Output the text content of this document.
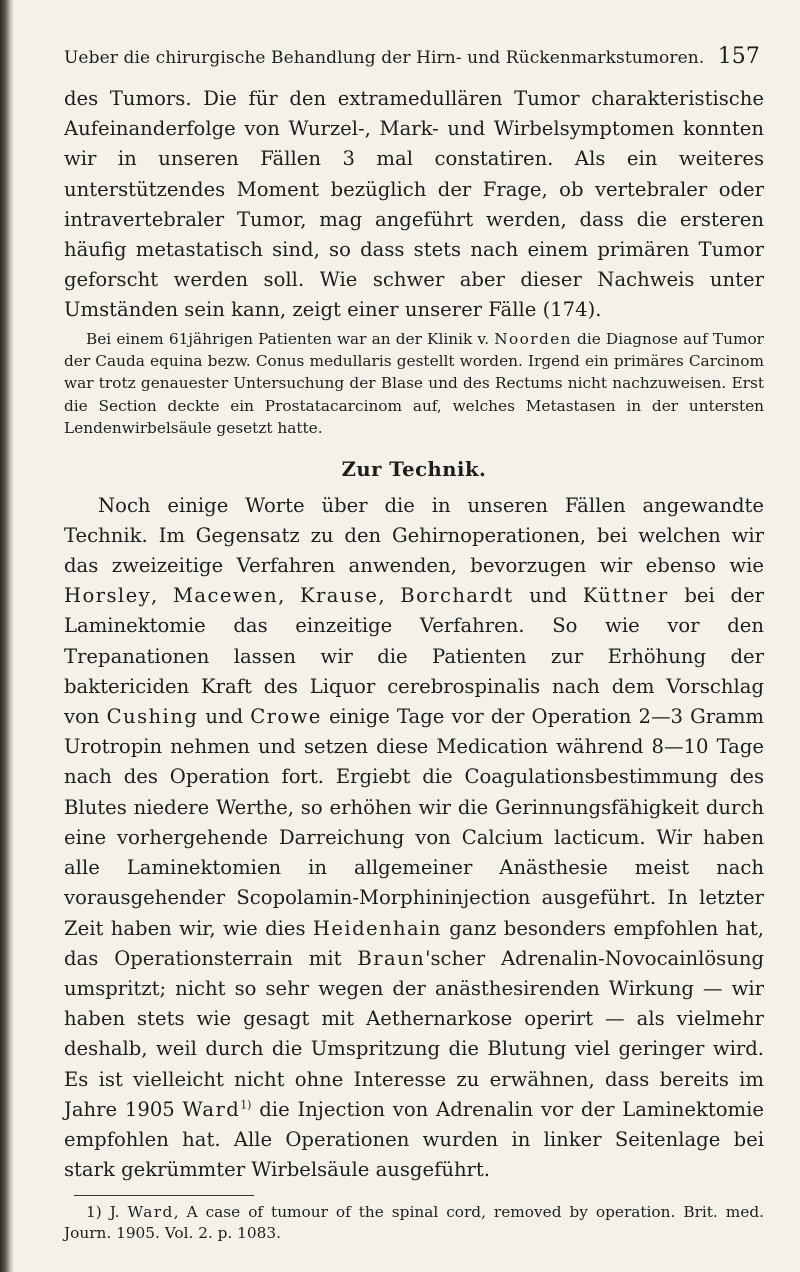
Ueber die chirurgische Behandlung der Hirn- und Rückenmarkstumoren. 157

des Tumors. Die für den extramedullären Tumor charakteristische Aufeinanderfolge von Wurzel-, Mark- und Wirbelsymptomen konnten wir in unseren Fällen 3 mal constatiren. Als ein weiteres unterstützendes Moment bezüglich der Frage, ob vertebraler oder intravertebraler Tumor, mag angeführt werden, dass die ersteren häufig metastatisch sind, so dass stets nach einem primären Tumor geforscht werden soll. Wie schwer aber dieser Nachweis unter Umständen sein kann, zeigt einer unserer Fälle (174).

Bei einem 61jährigen Patienten war an der Klinik v. Noorden die Diagnose auf Tumor der Cauda equina bezw. Conus medullaris gestellt worden. Irgend ein primäres Carcinom war trotz genauester Untersuchung der Blase und des Rectums nicht nachzuweisen. Erst die Section deckte ein Prostatacarcinom auf, welches Metastasen in der untersten Lendenwirbelsäule gesetzt hatte.

Zur Technik.

Noch einige Worte über die in unseren Fällen angewandte Technik. Im Gegensatz zu den Gehirnoperationen, bei welchen wir das zweizeitige Verfahren anwenden, bevorzugen wir ebenso wie Horsley, Macewen, Krause, Borchardt und Küttner bei der Laminektomie das einzeitige Verfahren. So wie vor den Trepanationen lassen wir die Patienten zur Erhöhung der baktericiden Kraft des Liquor cerebrospinalis nach dem Vorschlag von Cushing und Crowe einige Tage vor der Operation 2—3 Gramm Urotropin nehmen und setzen diese Medication während 8—10 Tage nach des Operation fort. Ergiebt die Coagulationsbestimmung des Blutes niedere Werthe, so erhöhen wir die Gerinnungsfähigkeit durch eine vorhergehende Darreichung von Calcium lacticum. Wir haben alle Laminektomien in allgemeiner Anästhesie meist nach vorausgehender Scopolamin-Morphininjection ausgeführt. In letzter Zeit haben wir, wie dies Heidenhain ganz besonders empfohlen hat, das Operationsterrain mit Braun'scher Adrenalin-Novocainlösung umspritzt; nicht so sehr wegen der anästhesirenden Wirkung — wir haben stets wie gesagt mit Aethernarkose operirt — als vielmehr deshalb, weil durch die Umspritzung die Blutung viel geringer wird. Es ist vielleicht nicht ohne Interesse zu erwähnen, dass bereits im Jahre 1905 Ward$^{1)}$ die Injection von Adrenalin vor der Laminektomie empfohlen hat. Alle Operationen wurden in linker Seitenlage bei stark gekrümmter Wirbelsäule ausgeführt.

1) J. Ward, A case of tumour of the spinal cord, removed by operation. Brit. med. Journ. 1905. Vol. 2. p. 1083.
